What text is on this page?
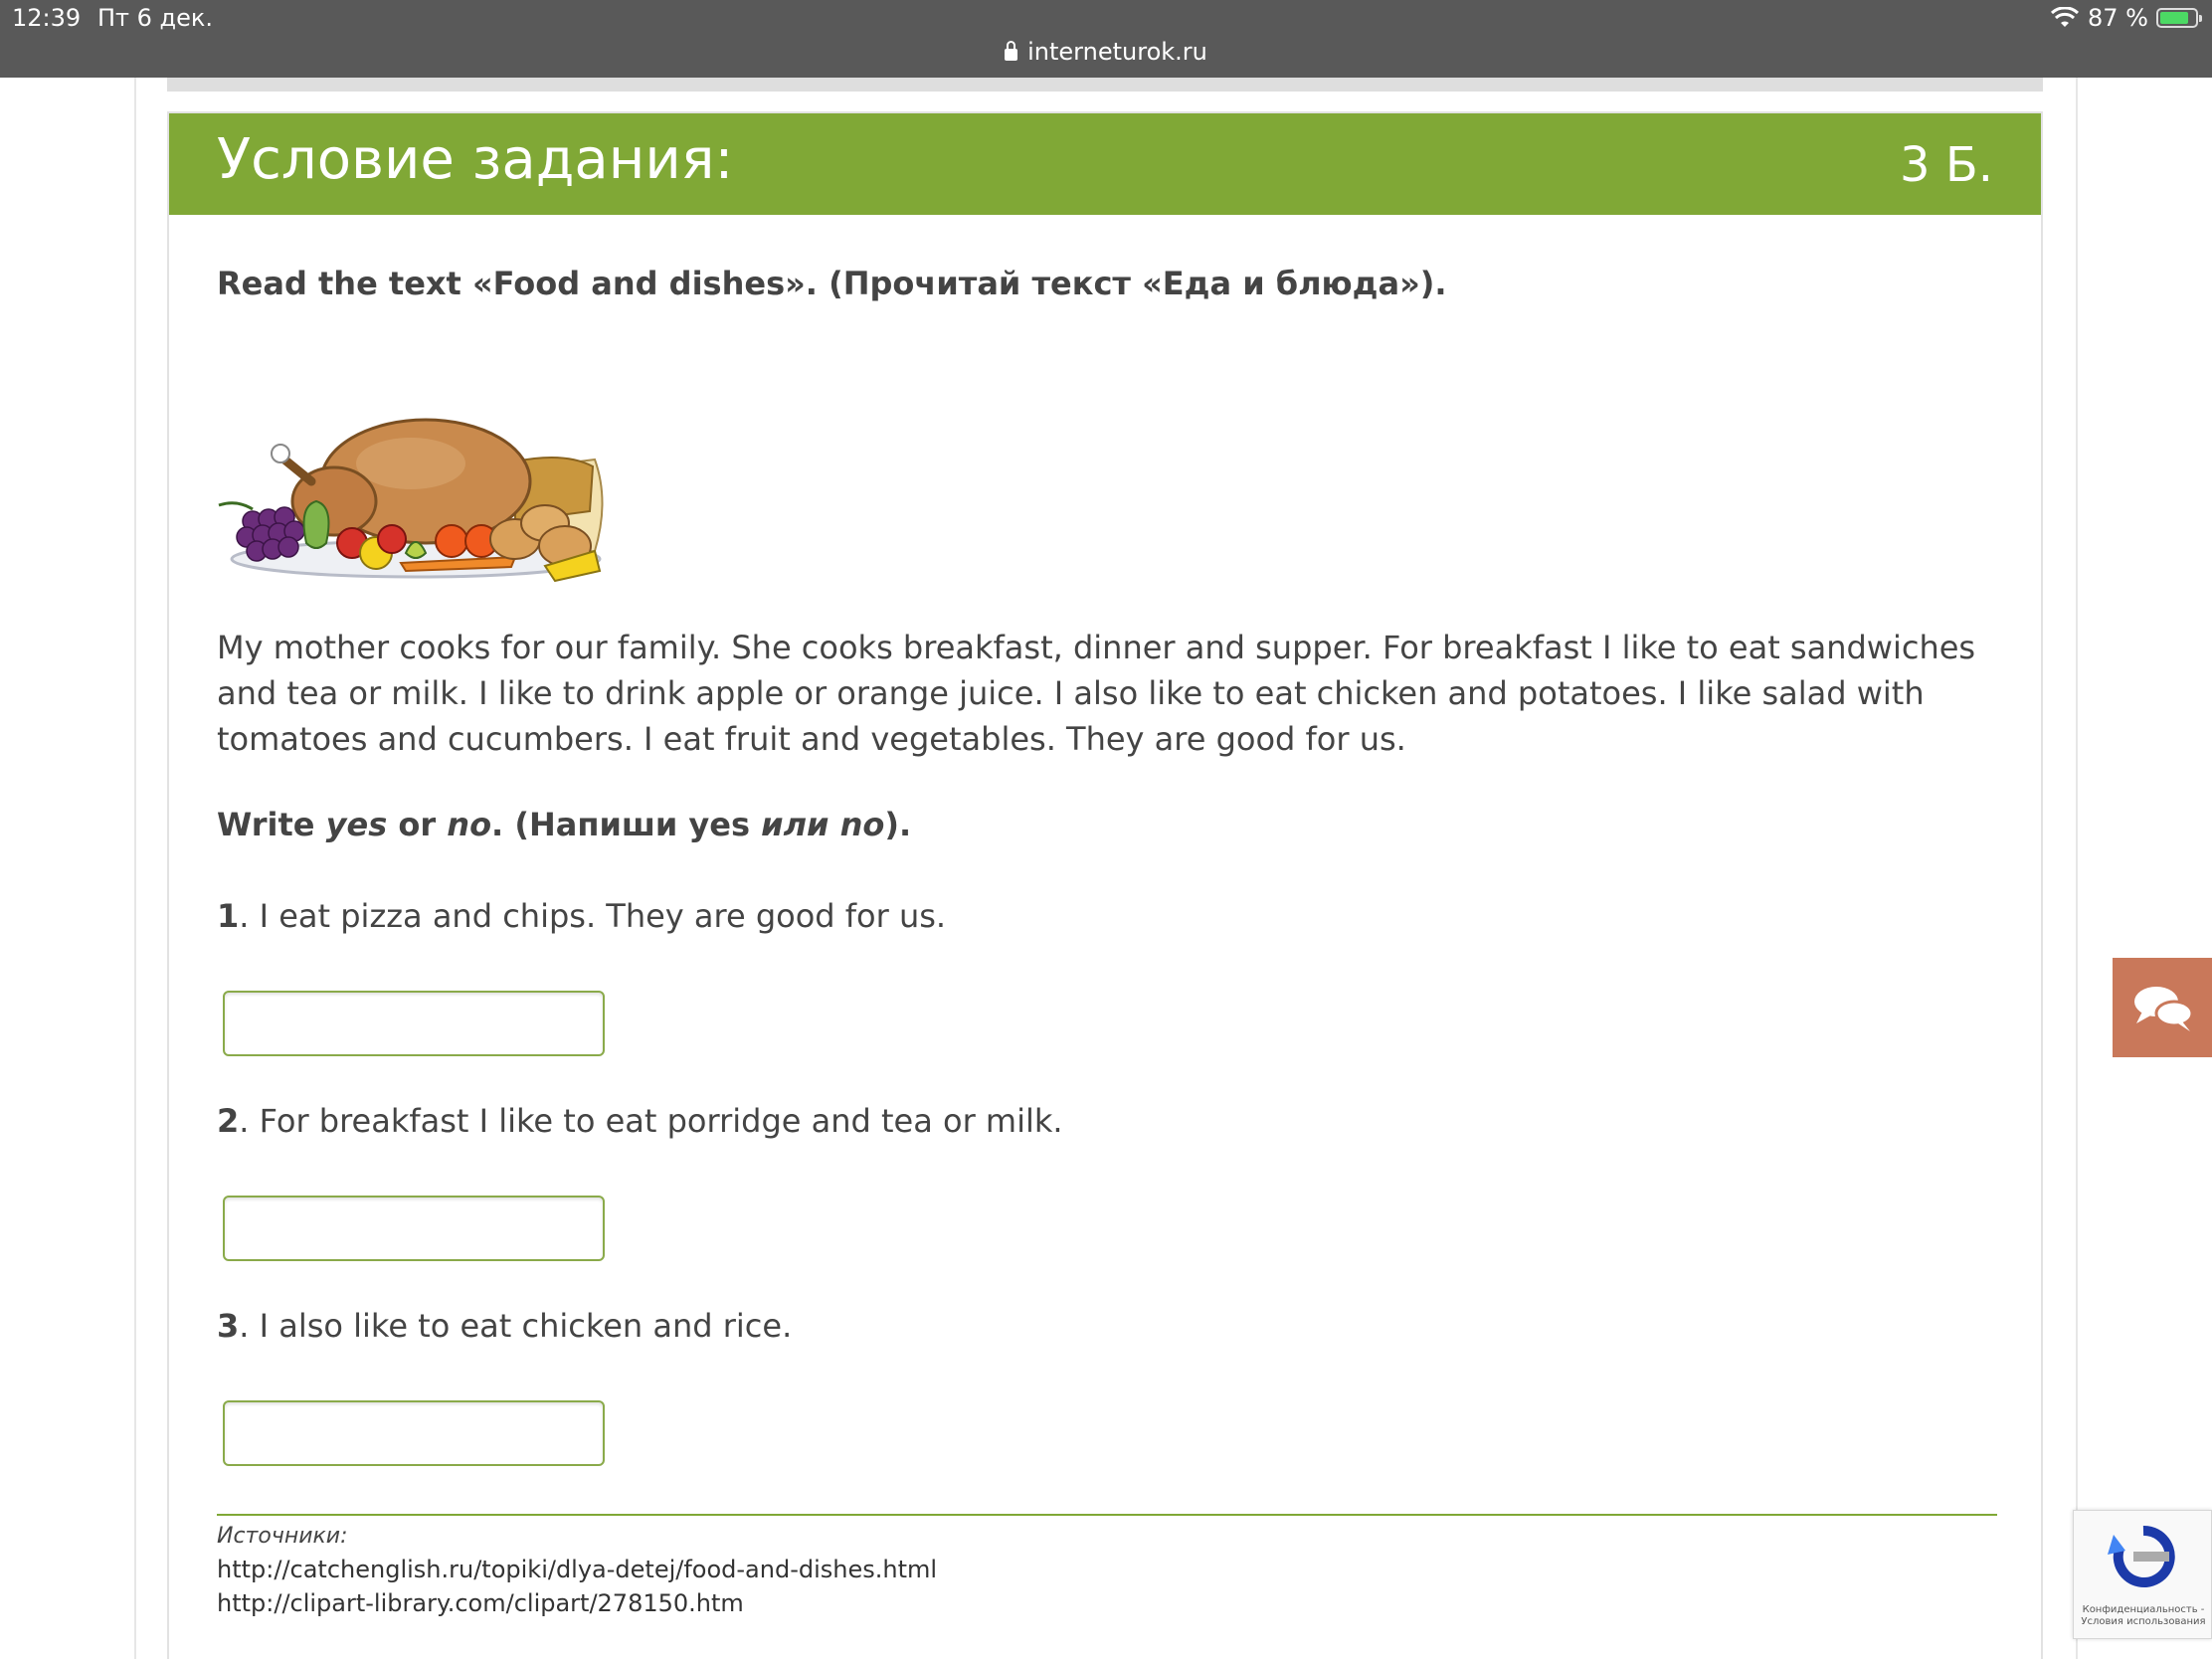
12:39 Пт 6 дек.
interneturok.ru
87 %
Условие задания:	3 Б.
Read the text «Food and dishes». (Прочитай текст «Еда и блюда»).
My mother cooks for our family. She cooks breakfast, dinner and supper. For breakfast I like to eat sandwiches and tea or milk. I like to drink apple or orange juice. I also like to eat chicken and potatoes. I like salad with tomatoes and cucumbers. I eat fruit and vegetables. They are good for us.
Write yes or no. (Напиши yes или no).
1. I eat pizza and chips. They are good for us.
2. For breakfast I like to eat porridge and tea or milk.
3. I also like to eat chicken and rice.
Источники:
http://catchenglish.ru/topiki/dlya-detej/food-and-dishes.html
http://clipart-library.com/clipart/278150.htm	Конфиденциальность -
Условия использования
